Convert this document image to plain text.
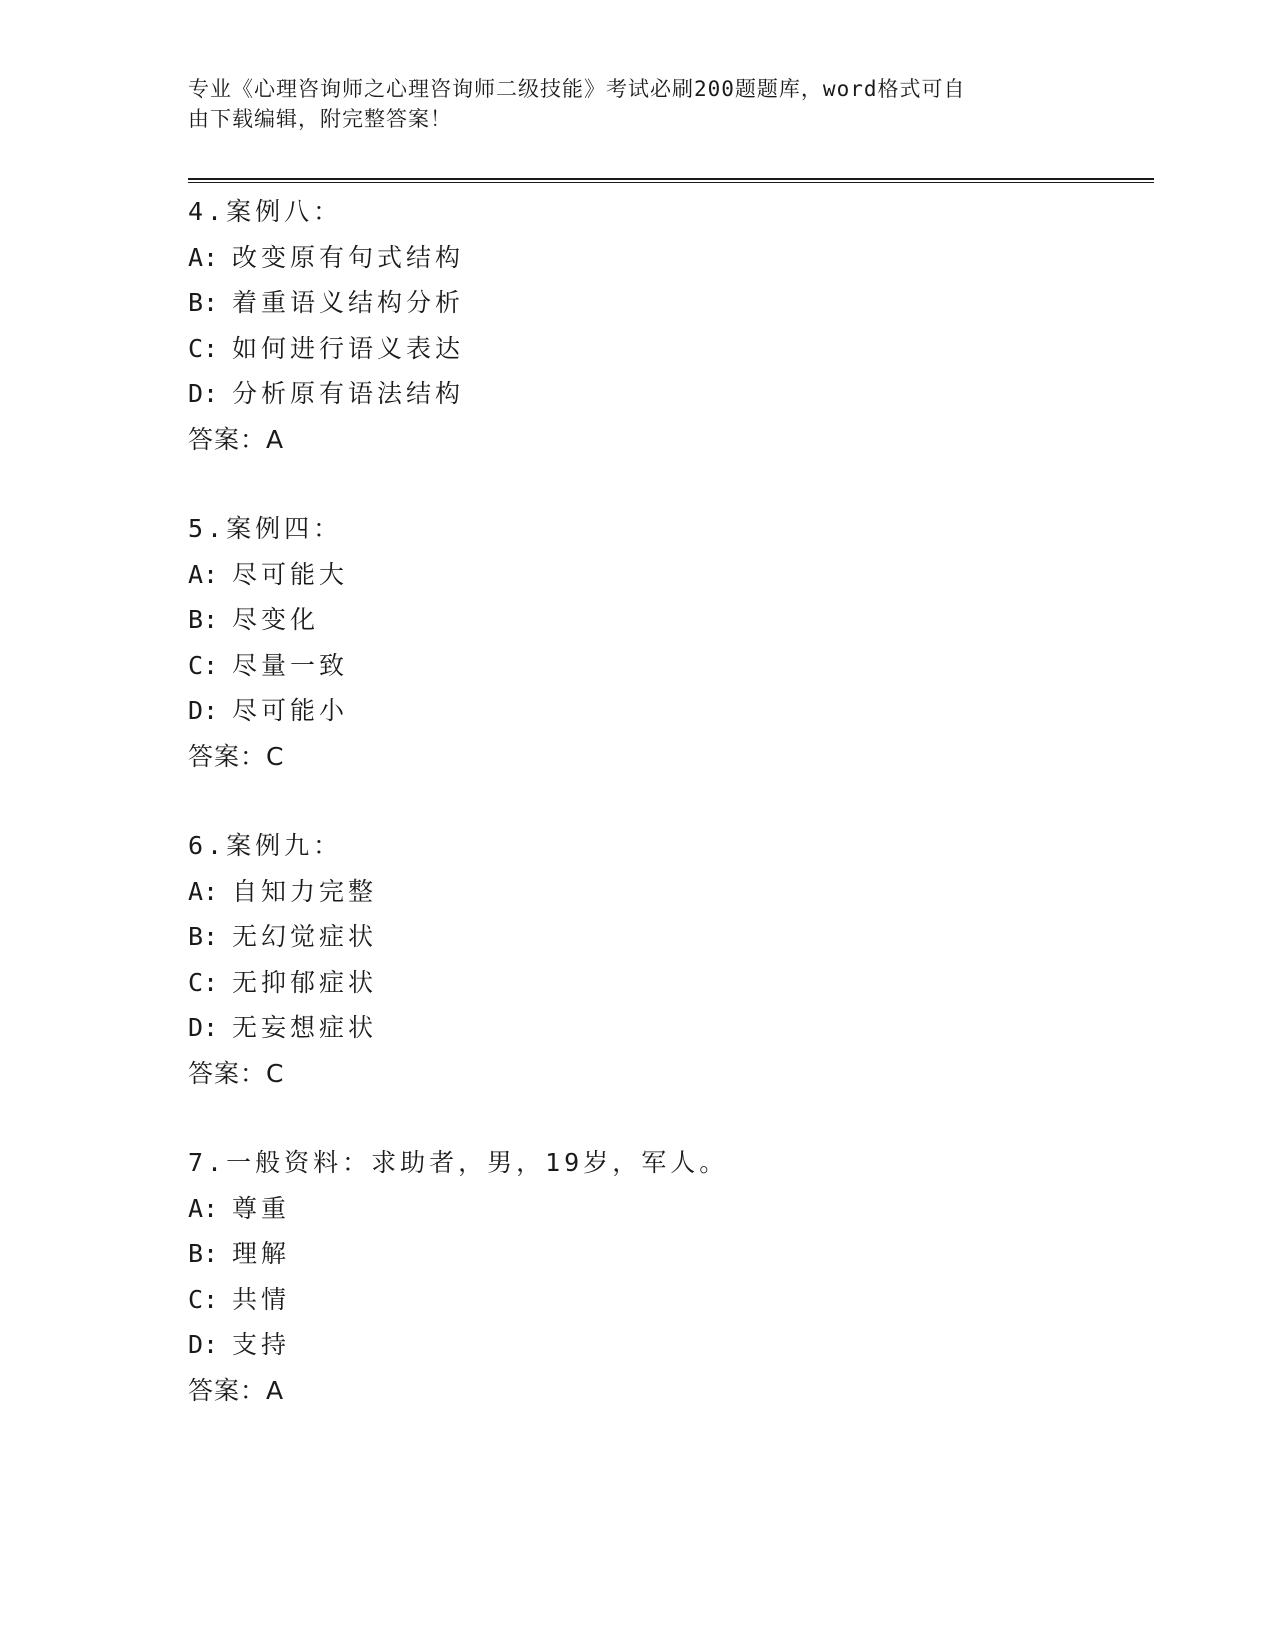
专业《心理咨询师之心理咨询师二级技能》考试必刷200题题库，word格式可自
由下载编辑，附完整答案！
4.案例八：
A: 改变原有句式结构
B: 着重语义结构分析
C: 如何进行语义表达
D: 分析原有语法结构
答案：A
5.案例四：
A: 尽可能大
B: 尽变化
C: 尽量一致
D: 尽可能小
答案：C
6.案例九：
A: 自知力完整
B: 无幻觉症状
C: 无抑郁症状
D: 无妄想症状
答案：C
7.一般资料：求助者，男，19岁，军人。
A: 尊重
B: 理解
C: 共情
D: 支持
答案：A
